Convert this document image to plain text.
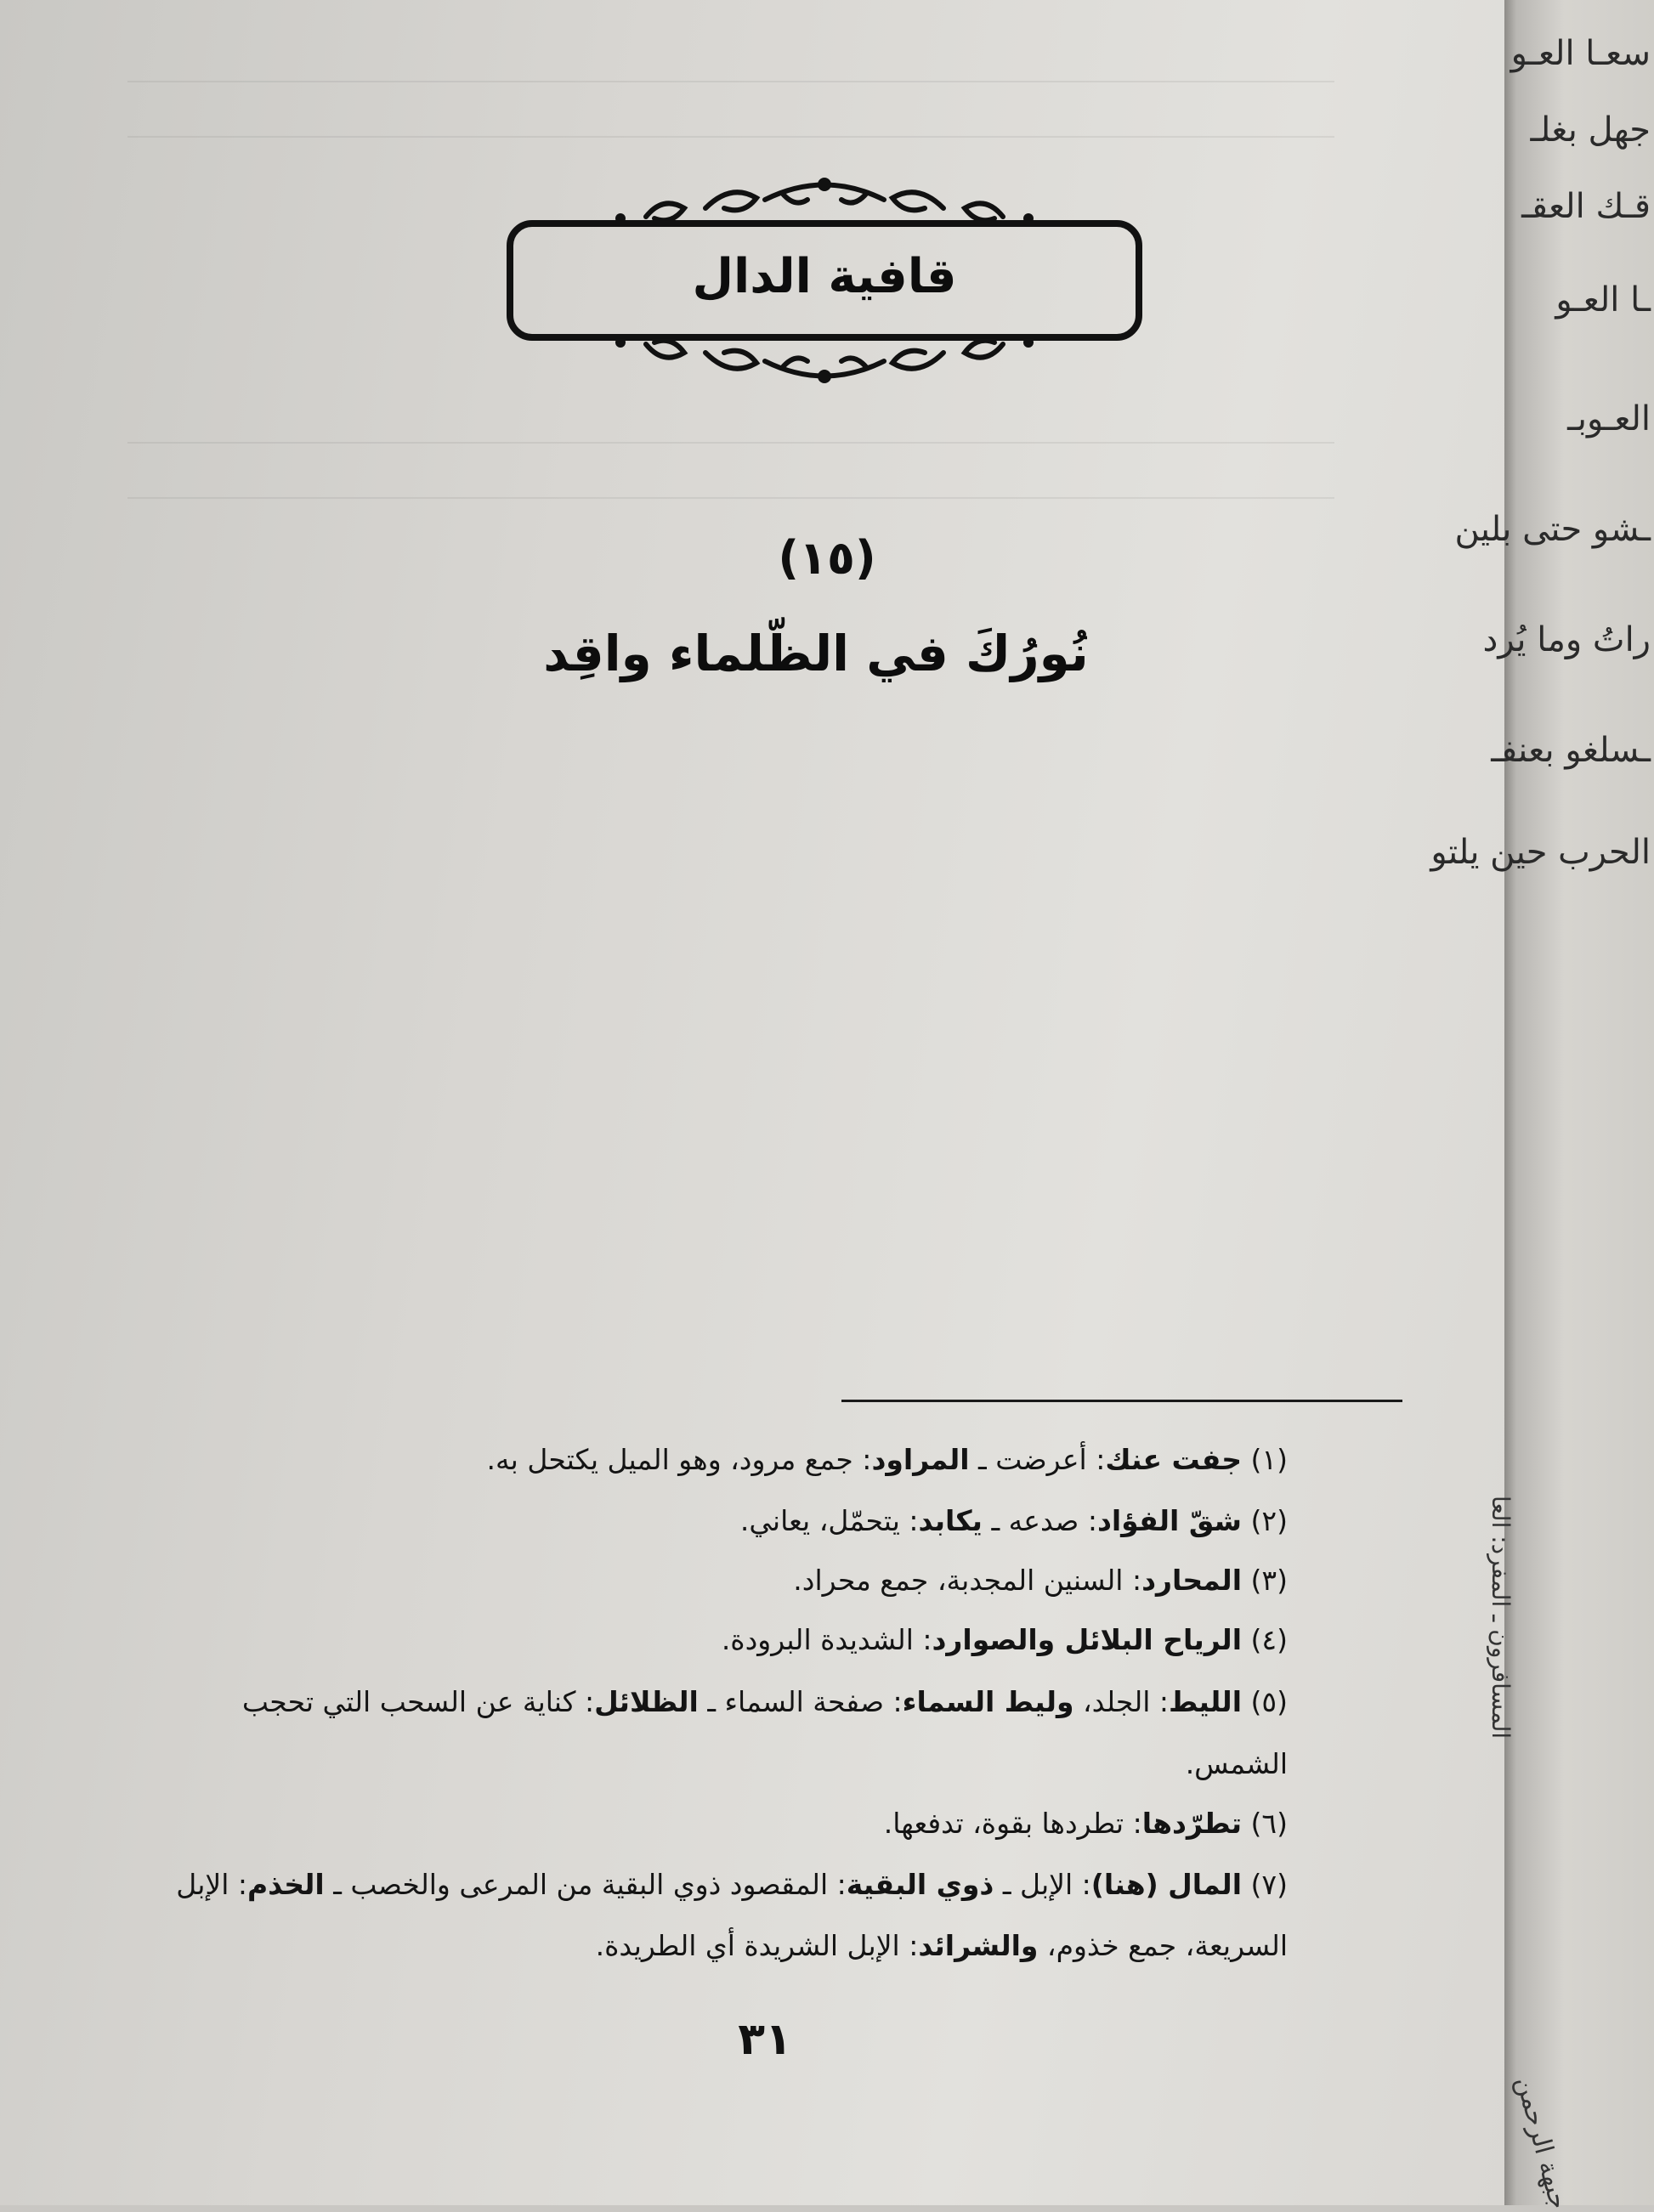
قافية الدال
(١٥)
نُورُكَ في الظّلماء واقِد
(١) جفت عنك: أعرضت ـ المراود: جمع مرود، وهو الميل يكتحل به.
(٢) شقّ الفؤاد: صدعه ـ يكابد: يتحمّل، يعاني.
(٣) المحارد: السنين المجدبة، جمع محراد.
(٤) الرياح البلائل والصوارد: الشديدة البرودة.
(٥) الليط: الجلد، وليط السماء: صفحة السماء ـ الظلائل: كناية عن السحب التي تحجب
الشمس.
(٦) تطرّدها: تطردها بقوة، تدفعها.
(٧) المال (هنا): الإبل ـ ذوي البقية: المقصود ذوي البقية من المرعى والخصب ـ الخذم: الإبل
السريعة، جمع خذوم، والشرائد: الإبل الشريدة أي الطريدة.
٣١
سعـا العـو
جهل بغلـ
قـك العقـ
ـا العـو
العـوبـ
ـشو حتى بلين
راتُ وما يُرد
ـسلغو بعنفـ
الحرب حين يلتو
المسافرون ـ المفرد: العا
جبهة الرحمن
